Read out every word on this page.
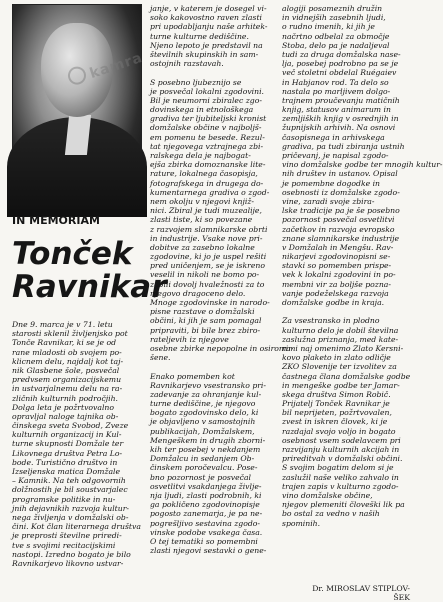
kamra
IN MEMORIAM
Tonček
Ravnikar
Dne 9. marca je v 71. letu
starosti sklenil življenjsko pot
Tonče Ravnikar, ki se je od
rane mladosti ob svojem po-
klicnem delu, najdalj kot taj-
nik Glasbene šole, posvečal
predvsem organizacijskemu
in ustvarjalnemu delu na ra-
zličnih kulturnih področjih.
Dolga leta je požrtvovalno
opravljal naloge tajnika ob-
činskega sveta Svobod, Zveze
kulturnih organizacij in Kul-
turne skupnosti Domžale ter
Likovnega društva Petra Lo-
bode. Turistično društvo in
Izseljenska matica Domžale
– Kamnik. Na teh odgovornih
dolžnostih je bil soustvarjalec
programske politike in nu-
jnih dejavnikih razvoja kultur-
nega življenja v domžalski ob-
čini. Kot član literarnega društva
je preprosti številne priredi-
tve s svojimi recitacijskimi
nastopi. Izredno bogato je bilo
Ravnikarjevo likovno ustvar-
janje, v katerem je dosegel vi-
soko kakovostno raven zlasti
pri upodabljanju naše arhitek-
turne kulturne dediščine.
Njeno lepoto je predstavil na
številnih skupinskih in sam-
ostojnih razstavah.
S posebno ljubeznijo se
je posvečal lokalni zgodovini.
Bil je neumorni zbiralec zgo-
dovinskega in etnološkega
gradiva ter ljubiteljski kronist
domžalske občine v najboljš-
em pomenu te besede. Rezul-
tat njegovega vztrajnega zbi-
ralskega dela je najbogat-
ejša zbirka domoznanske lite-
rature, lokalnega časopisja,
fotografskega in drugega do-
kumentarnega gradiva o zgod-
nem okolju v njegovi knjiž-
nici. Zbiral je tudi muzealije,
zlasti tiste, ki so povezane
z razvojem slamnikarske obrti
in industrije. Vsake nove pri-
dobitve za zasebno lokalne
zgodovine, ki jo je uspel rešiti
pred uničenjem, se je iskreno
veselil in nikoli ne bomo po-
zabili dovolj hvaležnosti za to
njegovo dragoceno delo.
Mnoge zgodovinske in narodo-
pisne razstave o domžalski
občini, ki jih je sam pomagal
pripraviti, bi bile brez zbiro-
rateljevih iz njegove
osebne zbirke nepopolne in osiroma-
šene.
Enako pomemben kot
Ravnikarjevo vsestransko pri-
zadevanje za ohranjanje kul-
turne dediščine, je njegovo
bogato zgodovinsko delo, ki
je objavljeno v samostojnih
publikacijah, Domžalskem,
Mengeškem in drugih zborni-
kih ter posebej v nekdanjem
Domžalcu in sedanjem Ob-
činskem poročevalcu. Pose-
bno pozornost je posvečal
osvetlitvi vsakdanjega življe-
nja ljudi, zlasti podrobnih, ki
ga pokličeno zgodovinopisje
pogosto zanemarja, je pa ne-
pogrešljivo sestavina zgodo-
vinske podobe vsakega časa.
O tej tematiki so pomembni
zlasti njegovi sestavki o gene-
alogiji posameznih družin
in vidnejših zasebnih ljudi,
o rudno imenih, ki jih je
načrtno odbelal za območje
Stoba, delo pa je nadaljeval
tudi za druga domžalska nase-
lja, posebej podrobno pa se je
več stoletni obdelal Ruégaiev
in Habjanov rod. Ta delo so
nastala po marljivem dolgo-
trajnem proučevanju matičnih
knjig, statusov animarum in
zemljiških knjig v osrednjih in
župnijskih arhivih. Na osnovi
časopisnega in arhivskega
gradiva, pa tudi zbiranja ustnih
pričevanj, je napisal zgodo-
vino domžalske godbe ter mnogih kultur-
nih društev in ustanov. Opisal
je pomembne dogodke in
osebnosti iz domžalske zgodo-
vine, zaradi svoje zbira-
lske tradicije pa je še posebno
pozornost posvečal osvetlitvi
začetkov in razvoja evropsko
znane slamnikarske industrije
v Domžalah in Mengšu. Rav-
nikarjevi zgodovinopisni se-
stavki so pomemben prispe-
vek k lokalni zgodovini in po-
membni vir za boljše pozna-
vanje podeželskega razvoja
domžalske godbe in kraja.
Za vsestransko in plodno
kulturno delo je dobil številna
zaslužna priznanja, med kate-
rimi naj omenimo Zlato Kersni-
kovo plaketo in zlato odličje
ZKO Slovenije ter izvolitev za
častnega člana domžalske godbe
in mengeške godbe ter Jamar-
skega društva Simon Robič.
Prijatelj Tonček Ravnikar je
bil neprijeten, požrtvovalen,
zvest in iskren človek, ki je
razdajal svojo voljo in bogato
osebnost vsem sodelavcem pri
razvijanju kulturnih akcijah in
prireditvah v domžalski občini.
S svojim bogatim delom si je
zaslužil naše veliko zahvalo in
trajen zapis v kulturno zgodo-
vino domžalske občine,
njegov plemeniti človeški lik pa
bo ostal za vedno v naših
spominih.
Dr. MIROSLAV STIPLOV-
ŠEK
